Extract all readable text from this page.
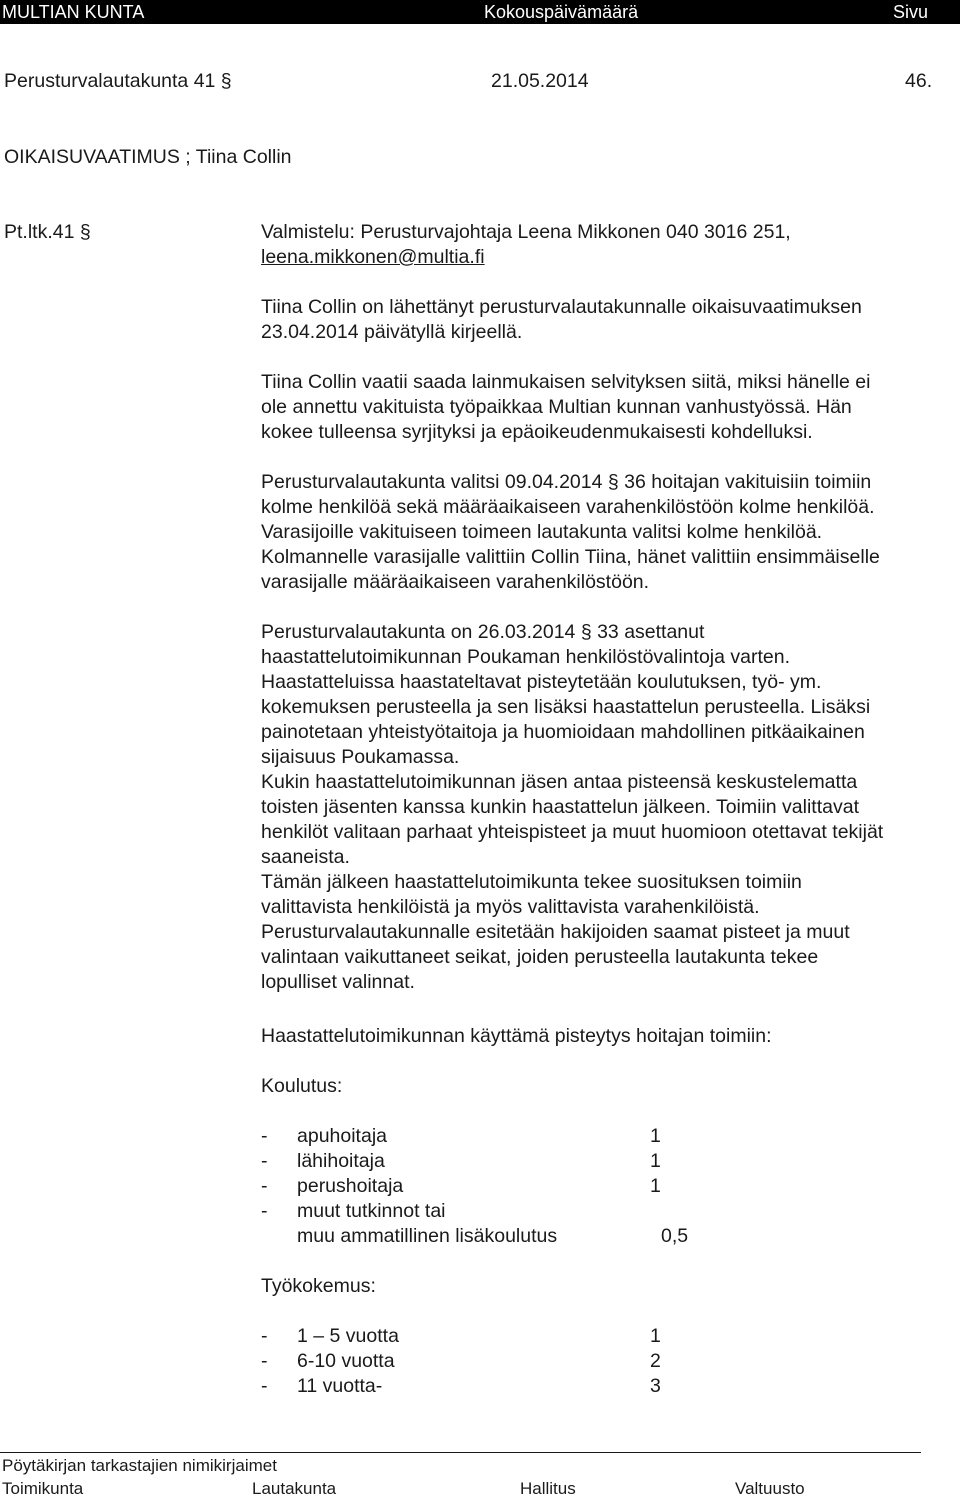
MULTIAN KUNTA	Kokouspäivämäärä	Sivu
Perusturvalautakunta 41 §	21.05.2014	46.
OIKAISUVAATIMUS ; Tiina Collin
Pt.ltk.41 §	Valmistelu: Perusturvajohtaja Leena Mikkonen 040 3016 251,

leena.mikkonen@multia.fi

Tiina Collin on lähettänyt perusturvalautakunnalle oikaisuvaatimuksen

23.04.2014 päivätyllä kirjeellä.

Tiina Collin vaatii saada lainmukaisen selvityksen siitä, miksi hänelle ei

ole annettu vakituista työpaikkaa Multian kunnan vanhustyössä. Hän

kokee tulleensa syrjityksi ja epäoikeudenmukaisesti kohdelluksi.

Perusturvalautakunta valitsi 09.04.2014 § 36 hoitajan vakituisiin toimiin

kolme henkilöä sekä määräaikaiseen varahenkilöstöön kolme henkilöä.

Varasijoille vakituiseen toimeen lautakunta valitsi kolme henkilöä.

Kolmannelle varasijalle valittiin Collin Tiina, hänet valittiin ensimmäiselle

varasijalle määräaikaiseen varahenkilöstöön.

Perusturvalautakunta on 26.03.2014 § 33 asettanut

haastattelutoimikunnan Poukaman henkilöstövalintoja varten.

Haastatteluissa haastateltavat pisteytetään koulutuksen, työ- ym.

kokemuksen perusteella ja sen lisäksi haastattelun perusteella. Lisäksi

painotetaan yhteistyötaitoja ja huomioidaan mahdollinen pitkäaikainen

sijaisuus Poukamassa.

Kukin haastattelutoimikunnan jäsen antaa pisteensä keskustelematta

toisten jäsenten kanssa kunkin haastattelun jälkeen. Toimiin valittavat

henkilöt valitaan parhaat yhteispisteet ja muut huomioon otettavat tekijät

saaneista.

Tämän jälkeen haastattelutoimikunta tekee suosituksen toimiin

valittavista henkilöistä ja myös valittavista varahenkilöistä.

Perusturvalautakunnalle esitetään hakijoiden saamat pisteet ja muut

valintaan vaikuttaneet seikat, joiden perusteella lautakunta tekee

lopulliset valinnat.

Haastattelutoimikunnan käyttämä pisteytys hoitajan toimiin:
Koulutus:
- apuhoitaja	1
- lähihoitaja	1
- perushoitaja	1
- muut tutkinnot tai
muu ammatillinen lisäkoulutus	0,5
Työkokemus:
- 1 – 5 vuotta	1
- 6-10 vuotta	2
- 11 vuotta-	3
Pöytäkirjan tarkastajien nimikirjaimet
Toimikunta	Lautakunta	Hallitus	Valtuusto
